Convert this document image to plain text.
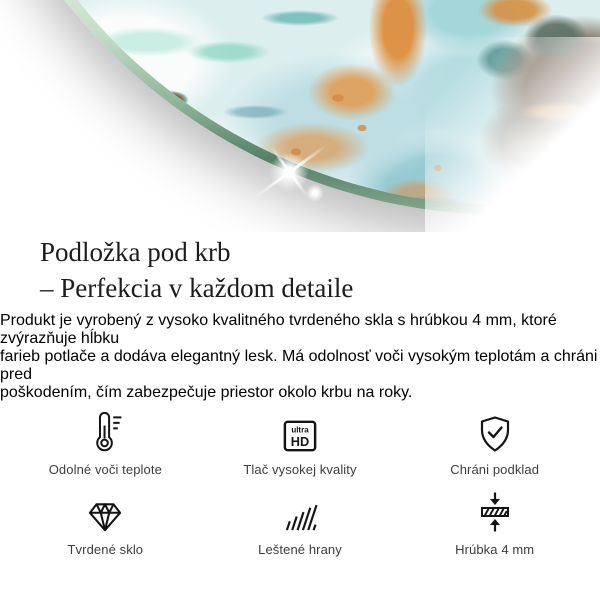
Podložka pod krb
– Perfekcia v každom detaile

Produkt je vyrobený z vysoko kvalitného tvrdeného skla s hrúbkou 4 mm, ktoré zvýrazňuje hĺbku
farieb potlače a dodáva elegantný lesk. Má odolnosť voči vysokým teplotám a chráni pred
poškodením, čím zabezpečuje priestor okolo krbu na roky.

Odolné voči teplote
ultra
HD
Tlač vysokej kvality	Chráni podklad
Tvrdené sklo	Leštené hrany	Hrúbka 4 mm
